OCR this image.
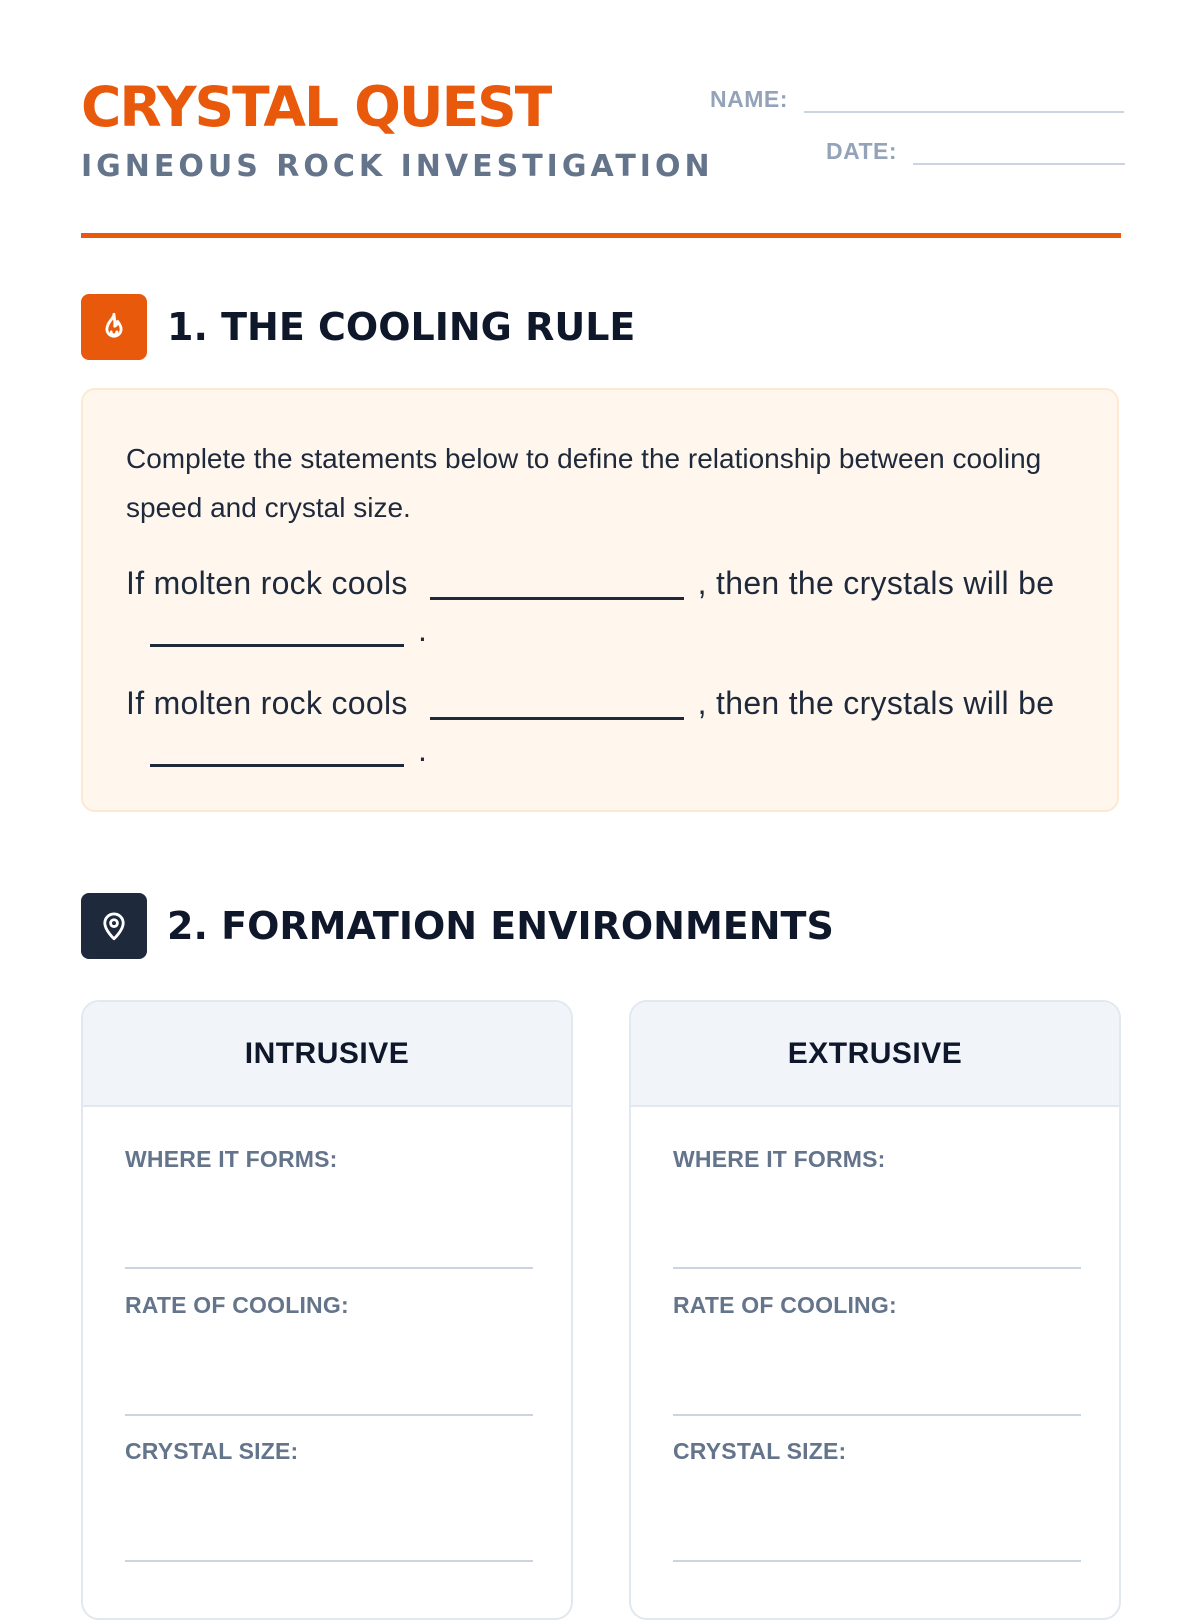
CRYSTAL QUEST
IGNEOUS ROCK INVESTIGATION
NAME:
DATE:
1. THE COOLING RULE

Complete the statements below to define the relationship between cooling speed and crystal size.

If molten rock cools	, then the crystals will be.

If molten rock cools	, then the crystals will be.

2. FORMATION ENVIRONMENTS
INTRUSIVE
WHERE IT FORMS:
RATE OF COOLING:
CRYSTAL SIZE:
EXTRUSIVE
WHERE IT FORMS:
RATE OF COOLING:
CRYSTAL SIZE:
